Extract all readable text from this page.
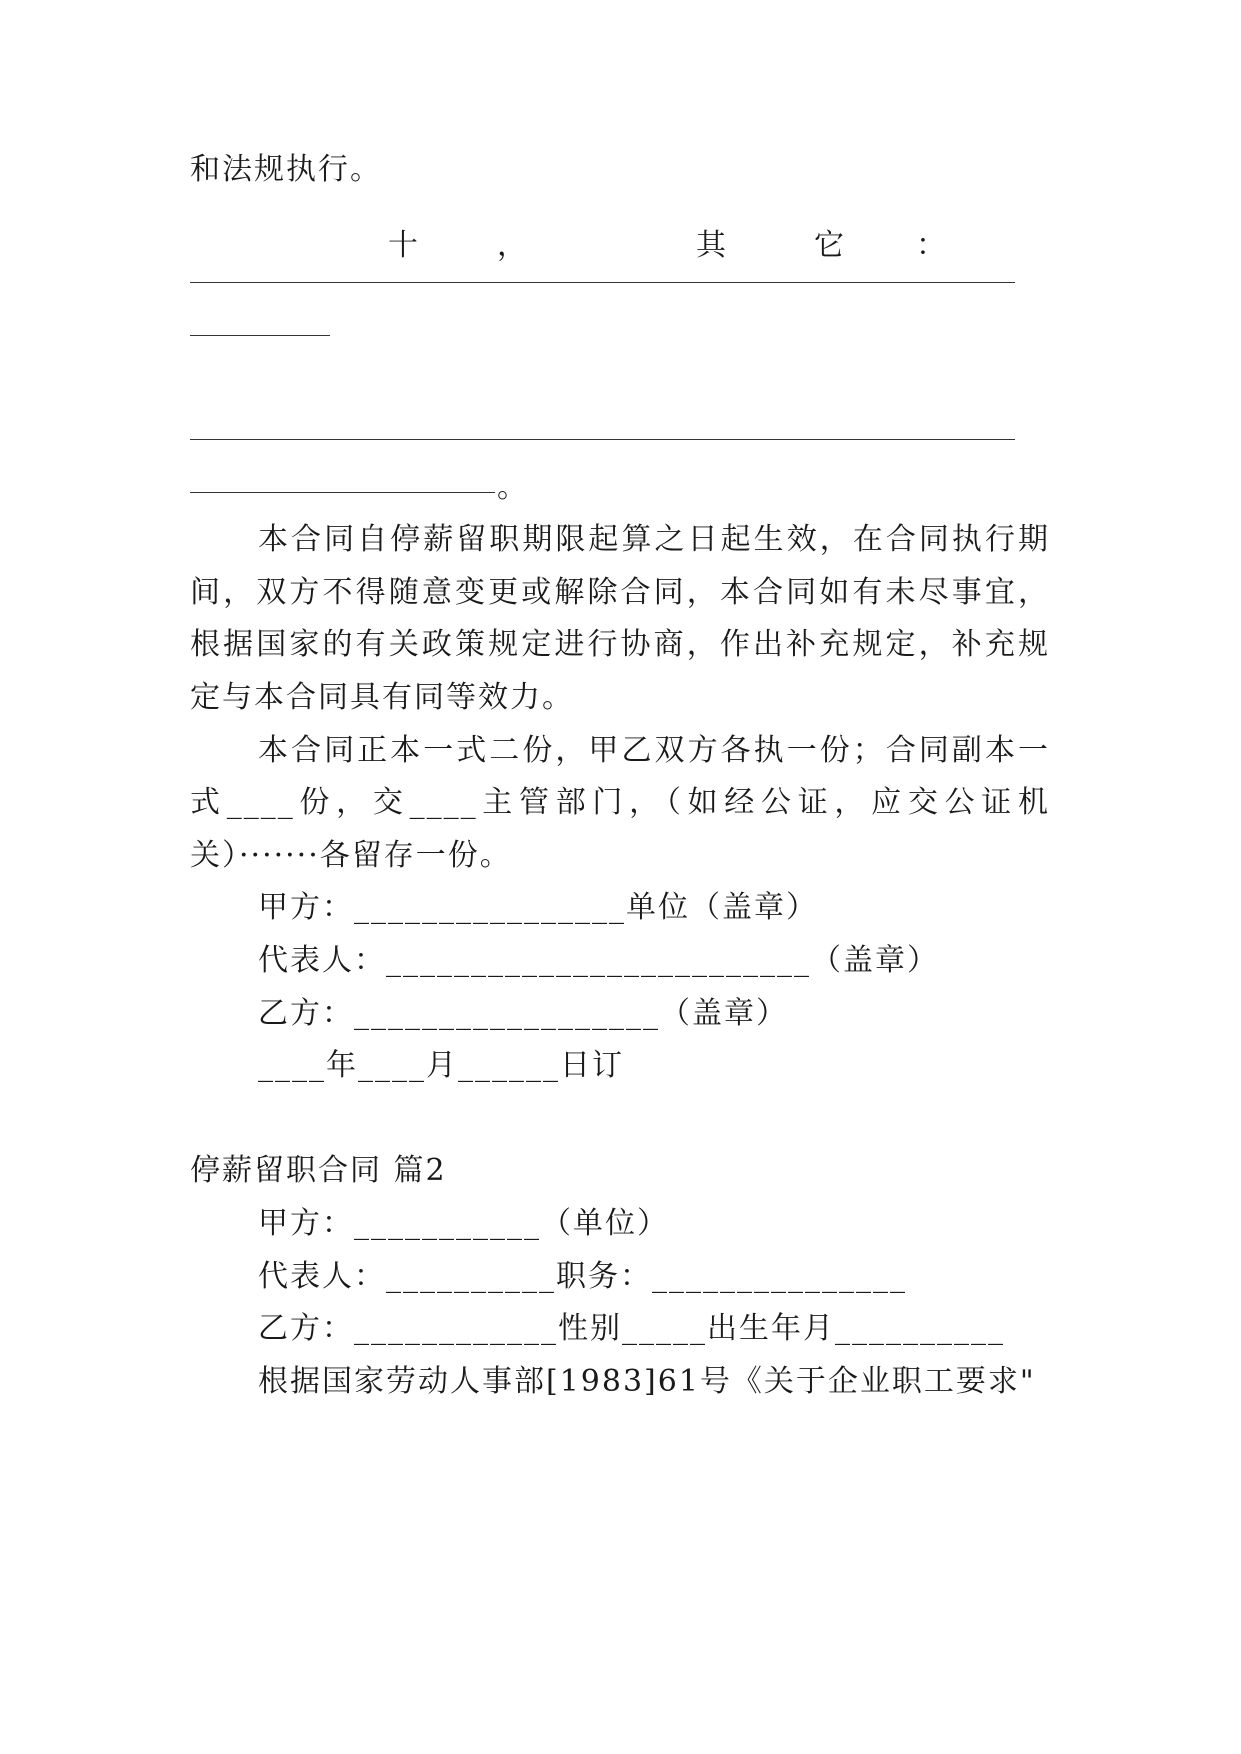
和法规执行。
十	，	其	它 ：
。
本合同自停薪留职期限起算之日起生效，在合同执行期
间，双方不得随意变更或解除合同，本合同如有未尽事宜，
根据国家的有关政策规定进行协商，作出补充规定，补充规
定与本合同具有同等效力。
本合同正本一式二份，甲乙双方各执一份；合同副本一
式____份，交____主管部门，（如经公证，应交公证机
关）·······各留存一份。
甲方：________________单位（盖章）
代表人：_________________________（盖章）
乙方：__________________（盖章）
____年____月______日订
停薪留职合同 篇2
甲方：___________（单位）
代表人：__________职务：_______________
乙方：____________性别_____出生年月__________
根据国家劳动人事部[1983]61号《关于企业职工要求"
